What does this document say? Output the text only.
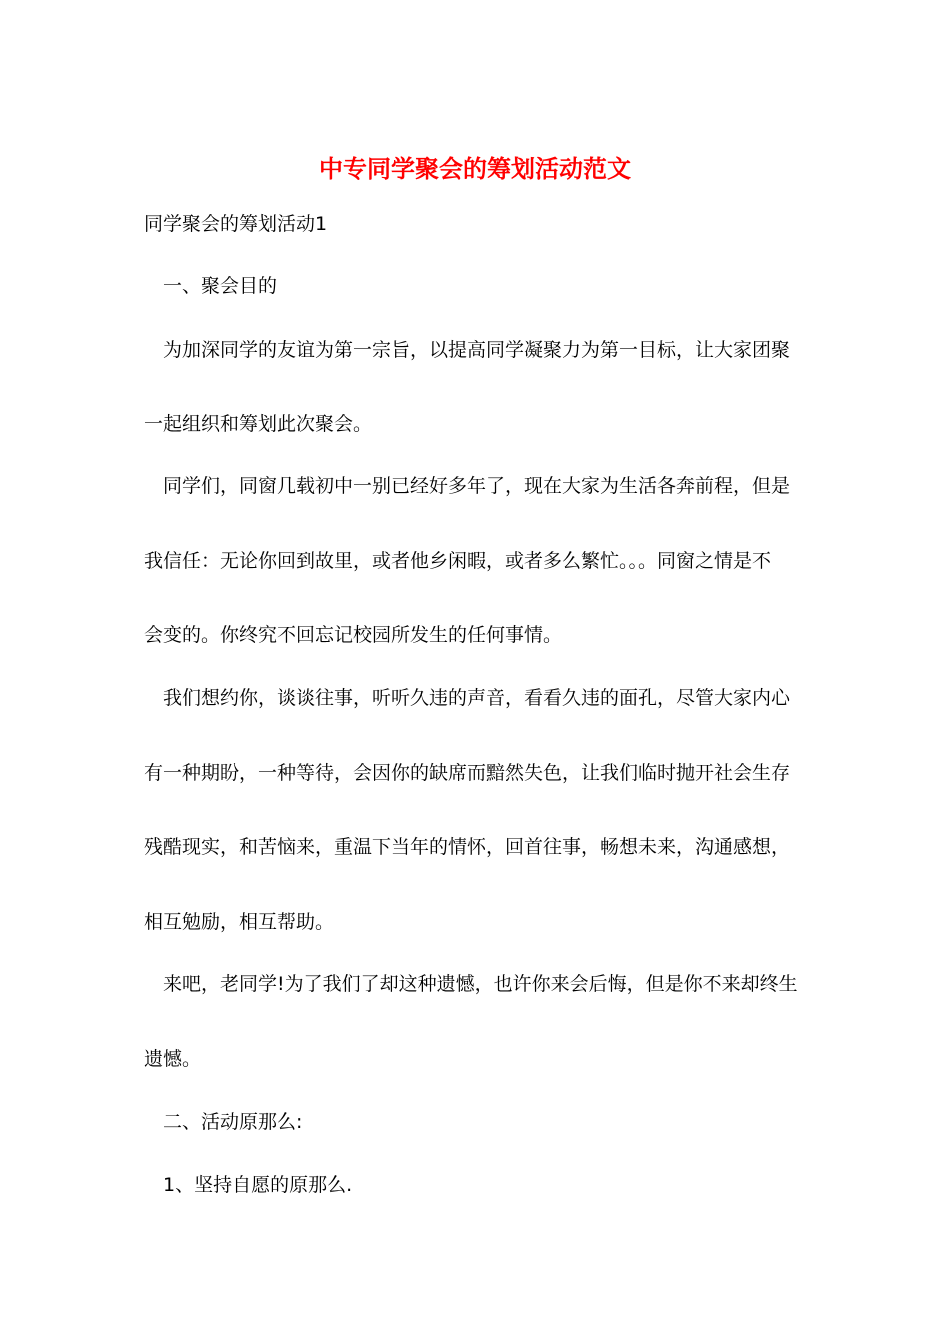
中专同学聚会的筹划活动范文
同学聚会的筹划活动1
一、聚会目的
为加深同学的友谊为第一宗旨，以提高同学凝聚力为第一目标，让大家团聚
一起组织和筹划此次聚会。
同学们，同窗几载初中一别已经好多年了，现在大家为生活各奔前程，但是
我信任：无论你回到故里，或者他乡闲暇，或者多么繁忙。。。同窗之情是不
会变的。你终究不回忘记校园所发生的任何事情。
我们想约你，谈谈往事，听听久违的声音，看看久违的面孔，尽管大家内心
有一种期盼，一种等待，会因你的缺席而黯然失色，让我们临时抛开社会生存
残酷现实，和苦恼来，重温下当年的情怀，回首往事，畅想未来，沟通感想，
相互勉励，相互帮助。
来吧，老同学!为了我们了却这种遗憾，也许你来会后悔，但是你不来却终生
遗憾。
二、活动原那么:
1、坚持自愿的原那么.
